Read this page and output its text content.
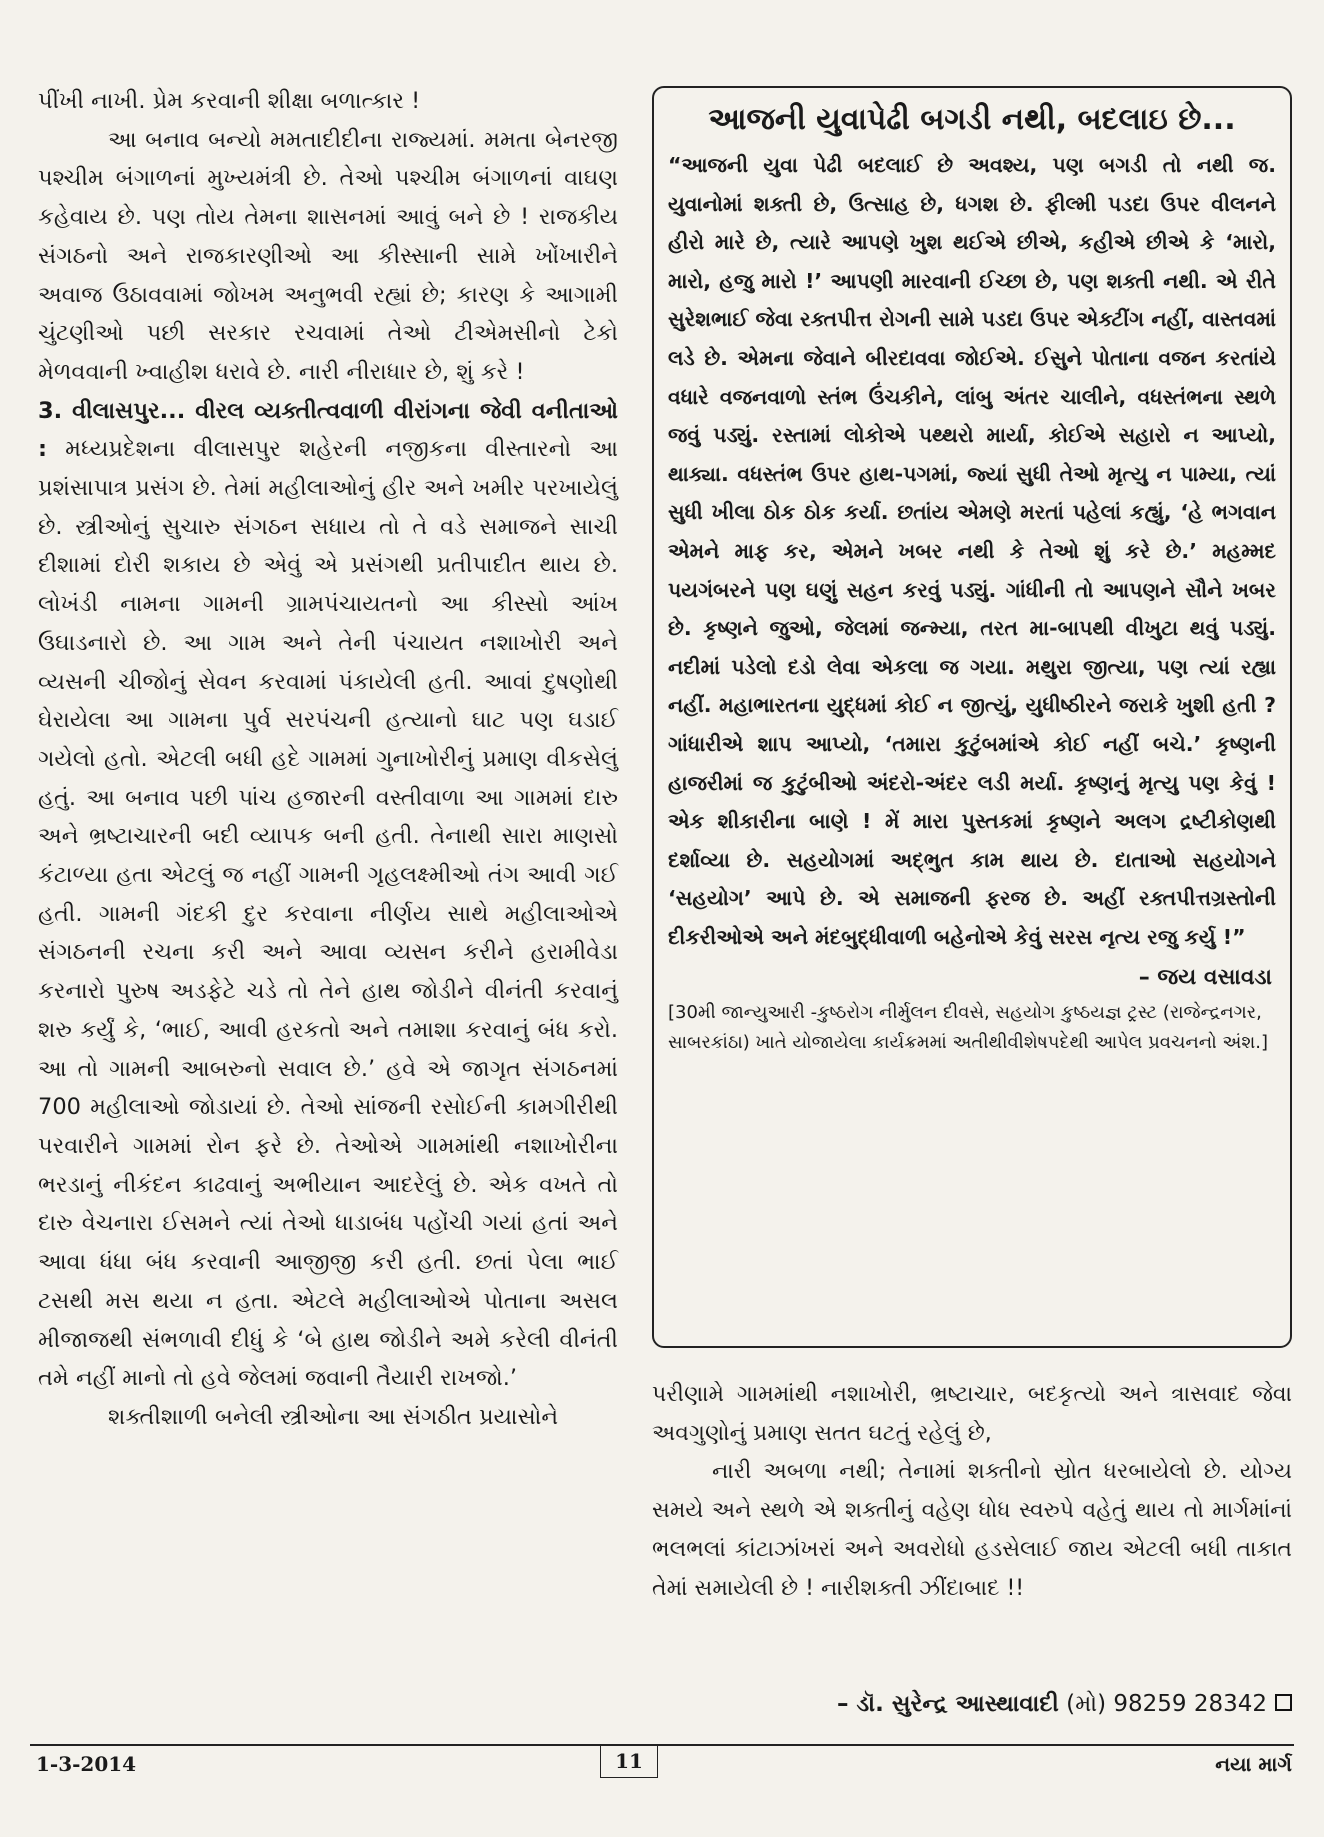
પીંખી નાખી. પ્રેમ કરવાની શીક્ષા બળાત્કાર !

આ બનાવ બન્યો મમતાદીદીના રાજ્યમાં. મમતા બેનરજી પશ્ચીમ બંગાળનાં મુખ્યમંત્રી છે. તેઓ પશ્ચીમ બંગાળનાં વાઘણ કહેવાય છે. પણ તોય તેમના શાસનમાં આવું બને છે ! રાજકીય સંગઠનો અને રાજકારણીઓ આ કીસ્સાની સામે ખોંખારીને અવાજ ઉઠાવવામાં જોખમ અનુભવી રહ્યાં છે; કારણ કે આગામી ચુંટણીઓ પછી સરકાર રચવામાં તેઓ ટીએમસીનો ટેકો મેળવવાની ખ્વાહીશ ધરાવે છે. નારી નીરાધાર છે, શું કરે !

3. વીલાસપુર... વીરલ વ્યક્તીત્વવાળી વીરાંગના જેવી વનીતાઓ : મધ્યપ્રદેશના વીલાસપુર શહેરની નજીકના વીસ્તારનો આ પ્રશંસાપાત્ર પ્રસંગ છે. તેમાં મહીલાઓનું હીર અને ખમીર પરખાયેલું છે. સ્ત્રીઓનું સુચારુ સંગઠન સધાય તો તે વડે સમાજને સાચી દીશામાં દોરી શકાય છે એવું એ પ્રસંગથી પ્રતીપાદીત થાય છે. લોખંડી નામના ગામની ગ્રામપંચાયતનો આ કીસ્સો આંખ ઉઘાડનારો છે. આ ગામ અને તેની પંચાયત નશાખોરી અને વ્યસની ચીજોનું સેવન કરવામાં પંકાયેલી હતી. આવાં દુષણોથી ઘેરાયેલા આ ગામના પુર્વ સરપંચની હત્યાનો ઘાટ પણ ઘડાઈ ગયેલો હતો. એટલી બધી હદે ગામમાં ગુનાખોરીનું પ્રમાણ વીકસેલું હતું. આ બનાવ પછી પાંચ હજારની વસ્તીવાળા આ ગામમાં દારુ અને ભ્રષ્ટાચારની બદી વ્યાપક બની હતી. તેનાથી સારા માણસો કંટાળ્યા હતા એટલું જ નહીં ગામની ગૃહલક્ષ્મીઓ તંગ આવી ગઈ હતી. ગામની ગંદકી દુર કરવાના નીર્ણય સાથે મહીલાઓએ સંગઠનની રચના કરી અને આવા વ્યસન કરીને હરામીવેડા કરનારો પુરુષ અડફેટે ચડે તો તેને હાથ જોડીને વીનંતી કરવાનું શરુ કર્યું કે, ‘ભાઈ, આવી હરકતો અને તમાશા કરવાનું બંધ કરો. આ તો ગામની આબરુનો સવાલ છે.’ હવે એ જાગૃત સંગઠનમાં 700 મહીલાઓ જોડાયાં છે. તેઓ સાંજની રસોઈની કામગીરીથી પરવારીને ગામમાં રોન ફરે છે. તેઓએ ગામમાંથી નશાખોરીના ભરડાનું નીકંદન કાઢવાનું અભીયાન આદરેલું છે. એક વખતે તો દારુ વેચનારા ઈસમને ત્યાં તેઓ ધાડાબંધ પહોંચી ગયાં હતાં અને આવા ધંધા બંધ કરવાની આજીજી કરી હતી. છતાં પેલા ભાઈ ટસથી મસ થયા ન હતા. એટલે મહીલાઓએ પોતાના અસલ મીજાજથી સંભળાવી દીધું કે ‘બે હાથ જોડીને અમે કરેલી વીનંતી તમે નહીં માનો તો હવે જેલમાં જવાની તૈયારી રાખજો.’

શક્તીશાળી બનેલી સ્ત્રીઓના આ સંગઠીત પ્રયાસોને

આજની યુવાપેઢી બગડી નથી, બદલાઇ છે...

“આજની યુવા પેઢી બદલાઈ છે અવશ્ય, પણ બગડી તો નથી જ. યુવાનોમાં શક્તી છે, ઉત્સાહ છે, ધગશ છે. ફીલ્મી પડદા ઉપર વીલનને હીરો મારે છે, ત્યારે આપણે ખુશ થઈએ છીએ, કહીએ છીએ કે ‘મારો, મારો, હજુ મારો !’ આપણી મારવાની ઈચ્છા છે, પણ શક્તી નથી. એ રીતે સુરેશભાઈ જેવા રક્તપીત્ત રોગની સામે પડદા ઉપર એક્ટીંગ નહીં, વાસ્તવમાં લડે છે. એમના જેવાને બીરદાવવા જોઈએ. ઈસુને પોતાના વજન કરતાંયે વધારે વજનવાળો સ્તંભ ઉંચકીને, લાંબુ અંતર ચાલીને, વધસ્તંભના સ્થળે જવું પડ્યું. રસ્તામાં લોકોએ પથ્થરો માર્યા, કોઈએ સહારો ન આપ્યો, થાક્યા. વધસ્તંભ ઉપર હાથ-પગમાં, જ્યાં સુધી તેઓ મૃત્યુ ન પામ્યા, ત્યાં સુધી ખીલા ઠોક ઠોક કર્યા. છતાંય એમણે મરતાં પહેલાં કહ્યું, ‘હે ભગવાન એમને માફ કર, એમને ખબર નથી કે તેઓ શું કરે છે.’ મહમ્મદ પયગંબરને પણ ઘણું સહન કરવું પડ્યું. ગાંધીની તો આપણને સૌને ખબર છે. કૃષ્ણને જુઓ, જેલમાં જન્મ્યા, તરત મા-બાપથી વીખુટા થવું પડ્યું. નદીમાં પડેલો દડો લેવા એકલા જ ગયા. મથુરા જીત્યા, પણ ત્યાં રહ્યા નહીં. મહાભારતના યુદ્ધમાં કોઈ ન જીત્યું, યુધીષ્ઠીરને જરાકે ખુશી હતી ? ગાંધારીએ શાપ આપ્યો, ‘તમારા કુટુંબમાંએ કોઈ નહીં બચે.’ કૃષ્ણની હાજરીમાં જ કુટુંબીઓ અંદરો-અંદર લડી મર્યા. કૃષ્ણનું મૃત્યુ પણ કેવું ! એક શીકારીના બાણે ! મેં મારા પુસ્તકમાં કૃષ્ણને અલગ દ્રષ્ટીકોણથી દર્શાવ્યા છે. સહયોગમાં અદ્ભુત કામ થાય છે. દાતાઓ સહયોગને ‘સહયોગ’ આપે છે. એ સમાજની ફરજ છે. અહીં રક્તપીત્તગ્રસ્તોની દીકરીઓએ અને મંદબુદ્ધીવાળી બહેનોએ કેવું સરસ નૃત્ય રજુ કર્યુ !”

– જય વસાવડા

[30મી જાન્યુઆરી -કુષ્ઠરોગ નીર્મુલન દીવસે, સહયોગ કુષ્ઠયજ્ઞ ટ્રસ્ટ (રાજેન્દ્રનગર, સાબરકાંઠા) ખાતે યોજાયેલા કાર્યક્રમમાં અતીથીવીશેષપદેથી આપેલ પ્રવચનનો અંશ.]

પરીણામે ગામમાંથી નશાખોરી, ભ્રષ્ટાચાર, બદકૃત્યો અને ત્રાસવાદ જેવા અવગુણોનું પ્રમાણ સતત ઘટતું રહેલું છે,

નારી અબળા નથી; તેનામાં શક્તીનો સ્રોત ધરબાયેલો છે. યોગ્ય સમયે અને સ્થળે એ શક્તીનું વહેણ ધોધ સ્વરુપે વહેતું થાય તો માર્ગમાંનાં ભલભલાં કાંટાઝાંખરાં અને અવરોધો હડસેલાઈ જાય એટલી બધી તાકાત તેમાં સમાયેલી છે ! નારીશક્તી ઝીંદાબાદ !!

– ડૉ. સુરેન્દ્ર આસ્થાવાદી (મો) 98259 28342
1-3-2014	11	નયા માર્ગ
